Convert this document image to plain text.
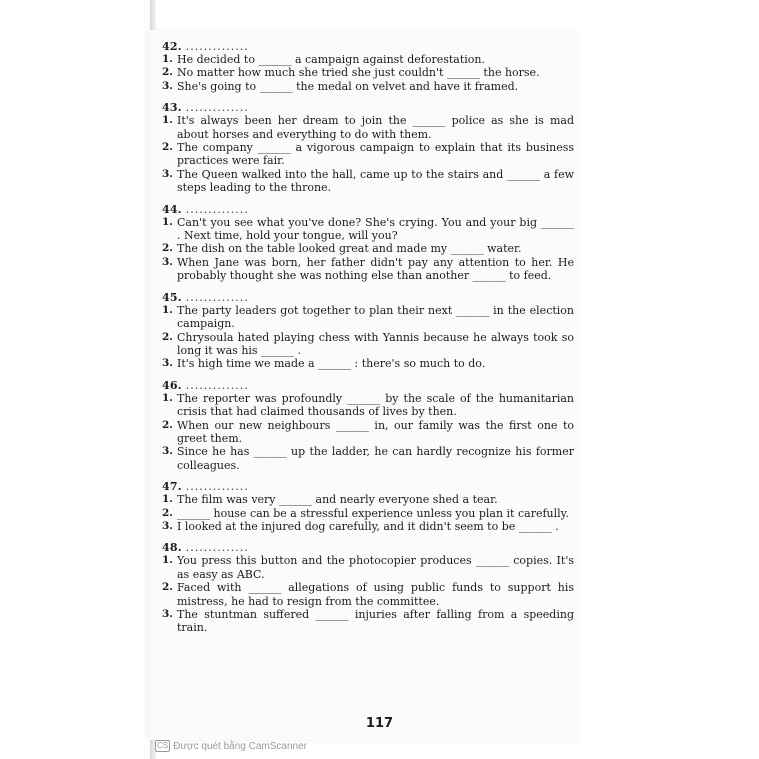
42. ..............
1. He decided to ______ a campaign against deforestation.
2. No matter how much she tried she just couldn't ______ the horse.
3. She's going to ______ the medal on velvet and have it framed.
43. ..............
1. It's always been her dream to join the ______ police as she is mad about horses and everything to do with them.
2. The company ______ a vigorous campaign to explain that its business practices were fair.
3. The Queen walked into the hall, came up to the stairs and ______ a few steps leading to the throne.
44. ..............
1. Can't you see what you've done? She's crying. You and your big ______ . Next time, hold your tongue, will you?
2. The dish on the table looked great and made my ______ water.
3. When Jane was born, her father didn't pay any attention to her. He probably thought she was nothing else than another ______ to feed.
45. ..............
1. The party leaders got together to plan their next ______ in the election campaign.
2. Chrysoula hated playing chess with Yannis because he always took so long it was his ______ .
3. It's high time we made a ______ : there's so much to do.
46. ..............
1. The reporter was profoundly ______ by the scale of the humanitarian crisis that had claimed thousands of lives by then.
2. When our new neighbours ______ in, our family was the first one to greet them.
3. Since he has ______ up the ladder, he can hardly recognize his former colleagues.
47. ..............
1. The film was very ______ and nearly everyone shed a tear.
2. ______ house can be a stressful experience unless you plan it carefully.
3. I looked at the injured dog carefully, and it didn't seem to be ______ .
48. ..............
1. You press this button and the photocopier produces ______ copies. It's as easy as ABC.
2. Faced with ______ allegations of using public funds to support his mistress, he had to resign from the committee.
3. The stuntman suffered ______ injuries after falling from a speeding train.
117
CS Được quét bằng CamScanner
